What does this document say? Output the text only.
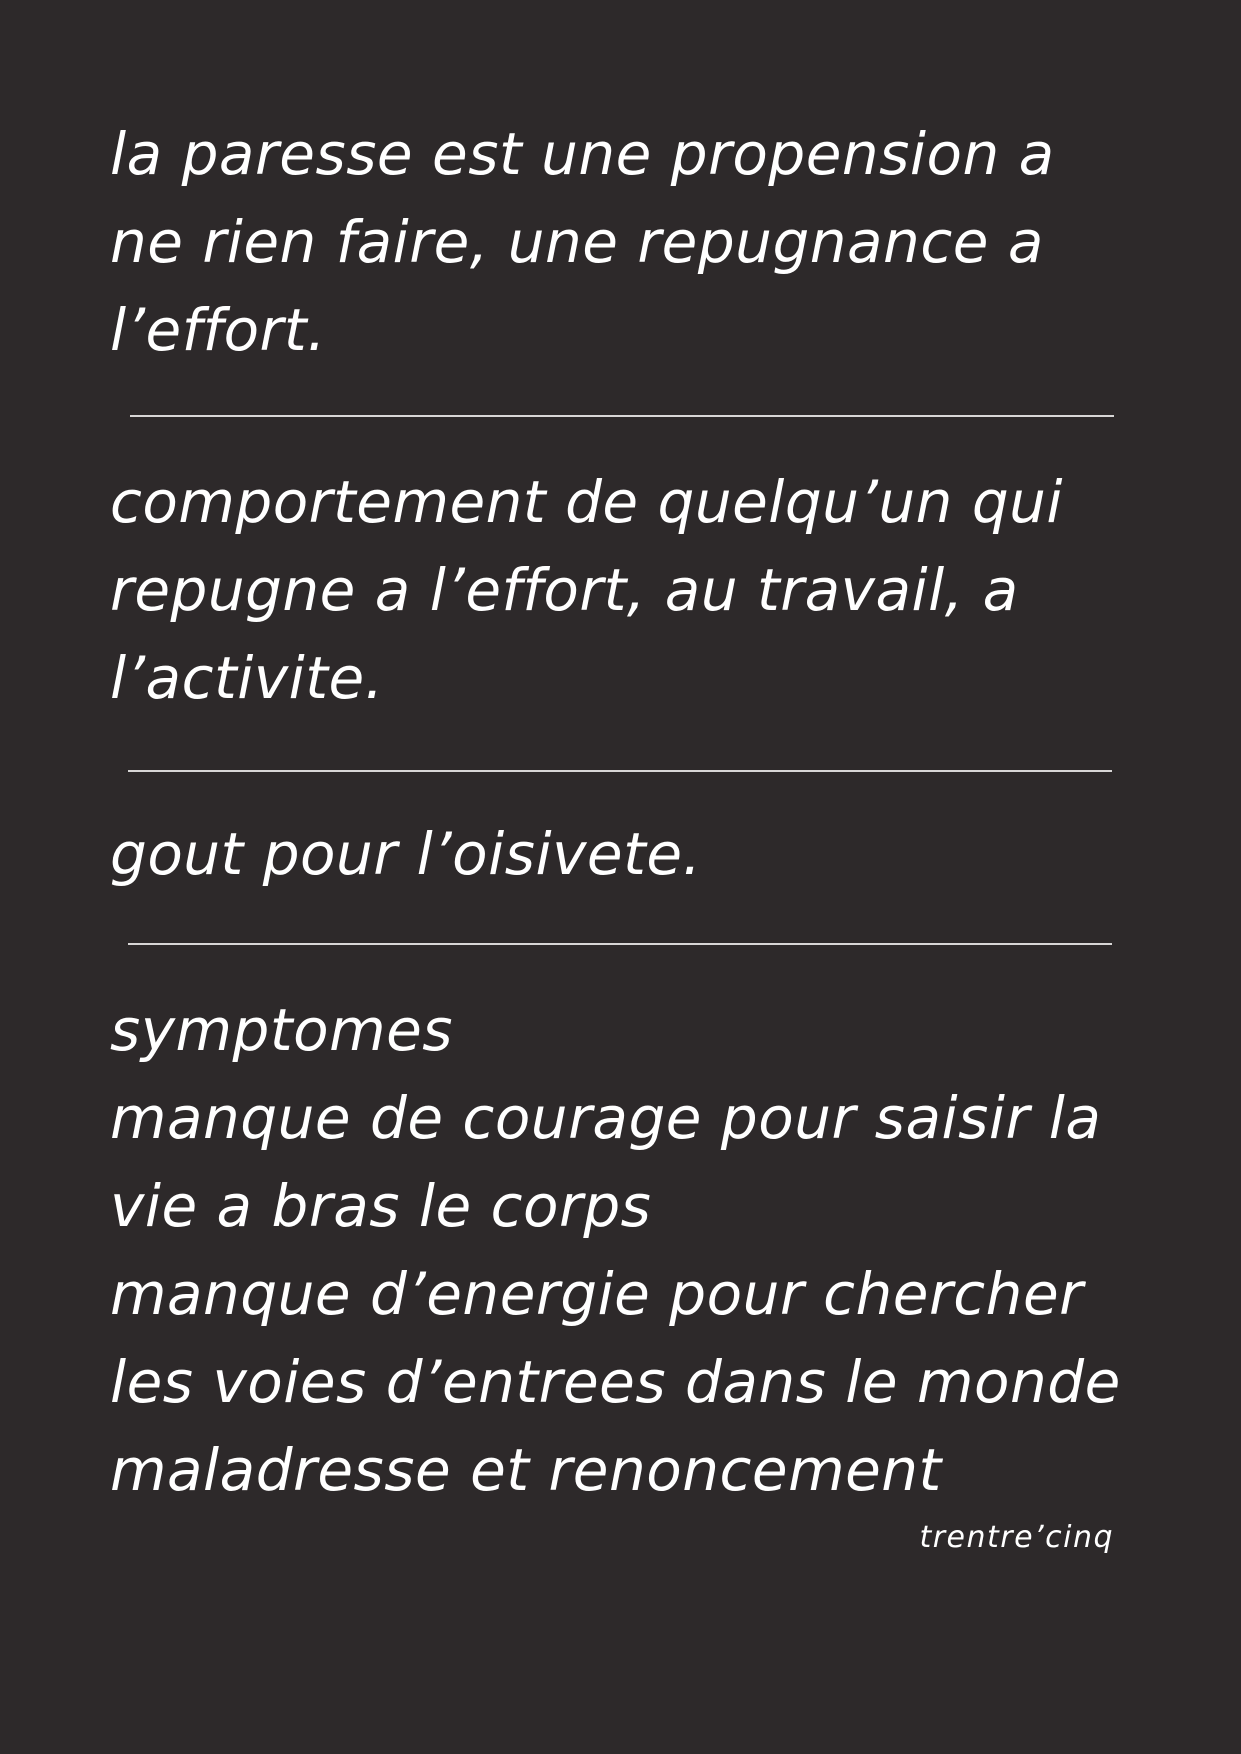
la paresse est une propension a
ne rien faire, une repugnance a
l’effort.
comportement de quelqu’un qui
repugne a l’effort, au travail, a
l’activite.
gout pour l’oisivete.
symptomes
manque de courage pour saisir la
vie a bras le corps
manque d’energie pour chercher
les voies d’entrees dans le monde
maladresse et renoncement
trentre’cinq
